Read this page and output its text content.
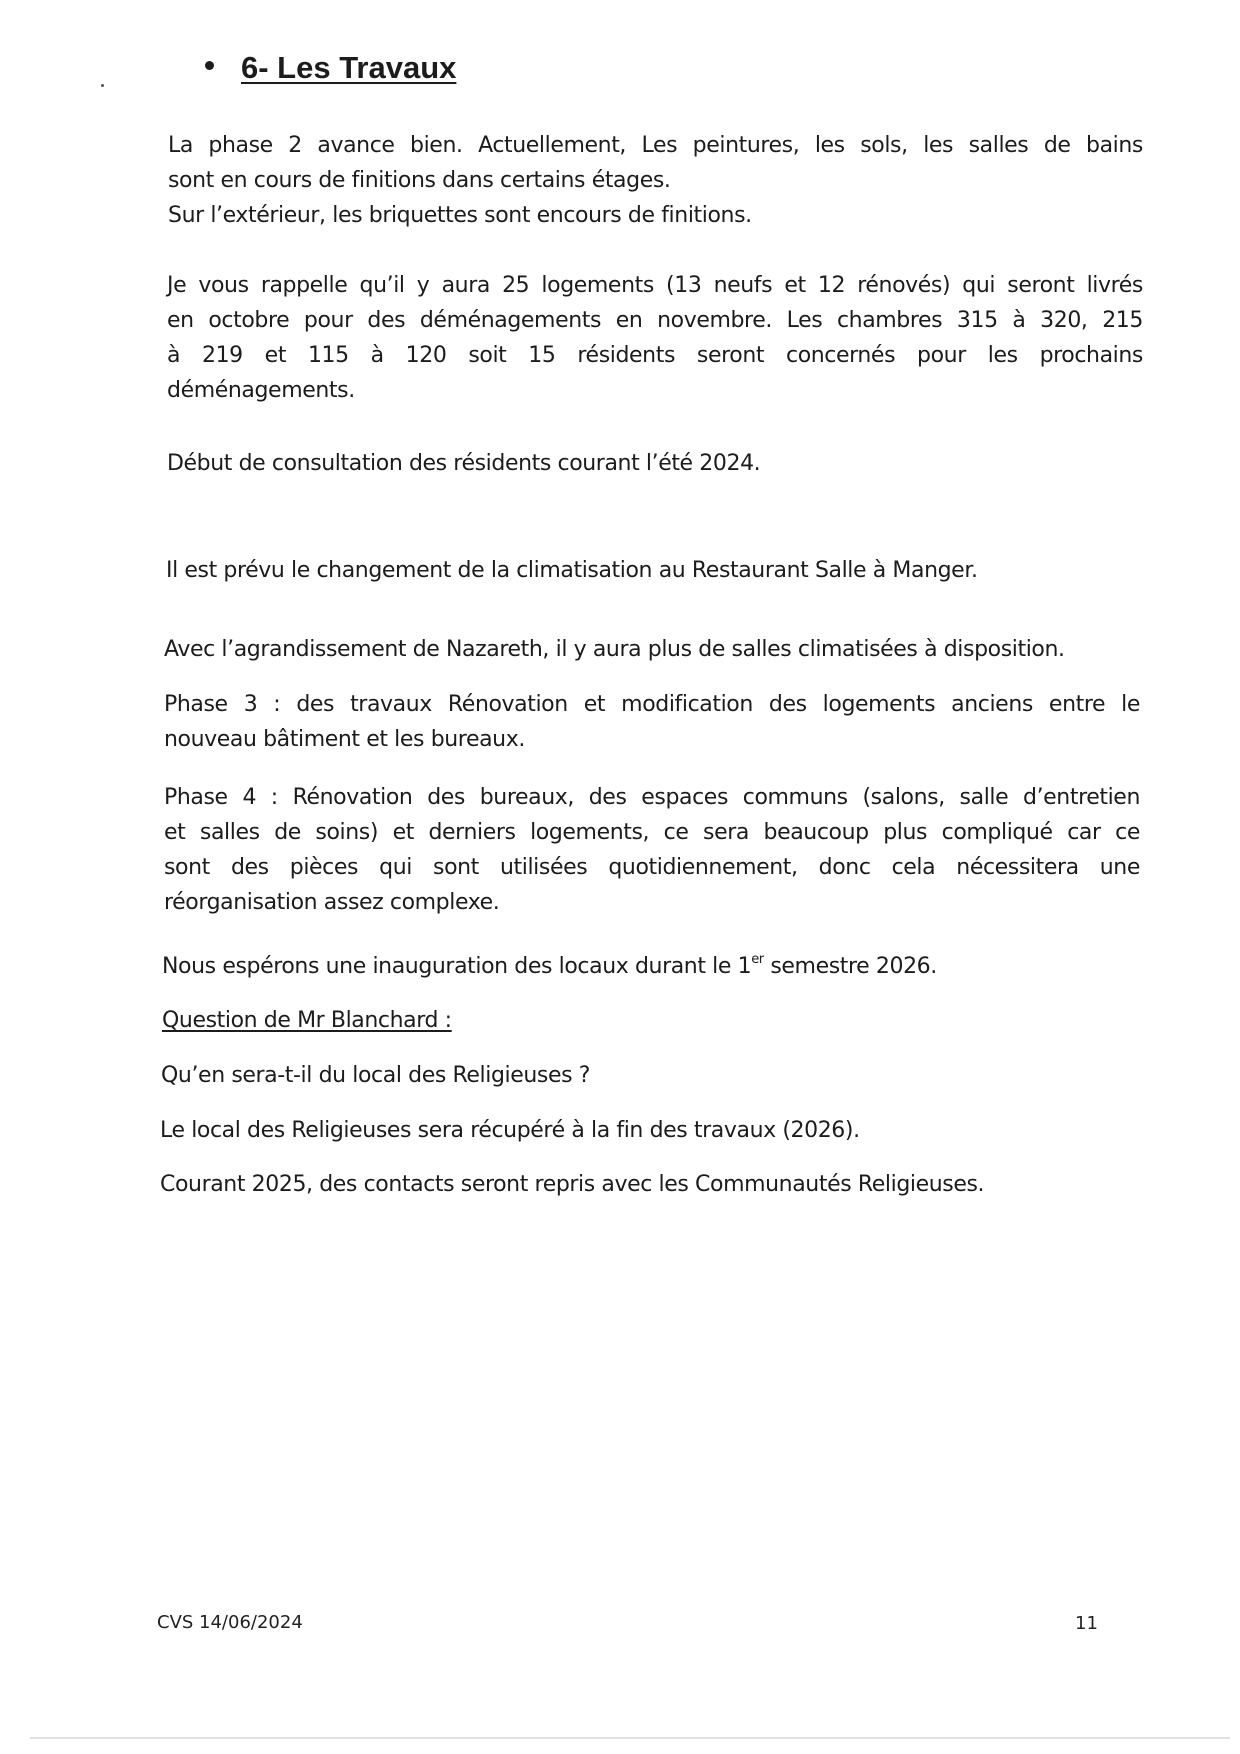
6- Les Travaux

La phase 2 avance bien. Actuellement, Les peintures, les sols, les salles de bains
sont en cours de finitions dans certains étages.
Sur l’extérieur, les briquettes sont encours de finitions.

Je vous rappelle qu’il y aura 25 logements (13 neufs et 12 rénovés) qui seront livrés
en octobre pour des déménagements en novembre. Les chambres 315 à 320, 215
à 219 et 115 à 120 soit 15 résidents seront concernés pour les prochains
déménagements.

Début de consultation des résidents courant l’été 2024.

Il est prévu le changement de la climatisation au Restaurant Salle à Manger.

Avec l’agrandissement de Nazareth, il y aura plus de salles climatisées à disposition.

Phase 3 : des travaux Rénovation et modification des logements anciens entre le
nouveau bâtiment et les bureaux.

Phase 4 : Rénovation des bureaux, des espaces communs (salons, salle d’entretien
et salles de soins) et derniers logements, ce sera beaucoup plus compliqué car ce
sont des pièces qui sont utilisées quotidiennement, donc cela nécessitera une
réorganisation assez complexe.

Nous espérons une inauguration des locaux durant le 1er semestre 2026.

Question de Mr Blanchard :

Qu’en sera-t-il du local des Religieuses ?

Le local des Religieuses sera récupéré à la fin des travaux (2026).

Courant 2025, des contacts seront repris avec les Communautés Religieuses.

CVS 14/06/2024	11
